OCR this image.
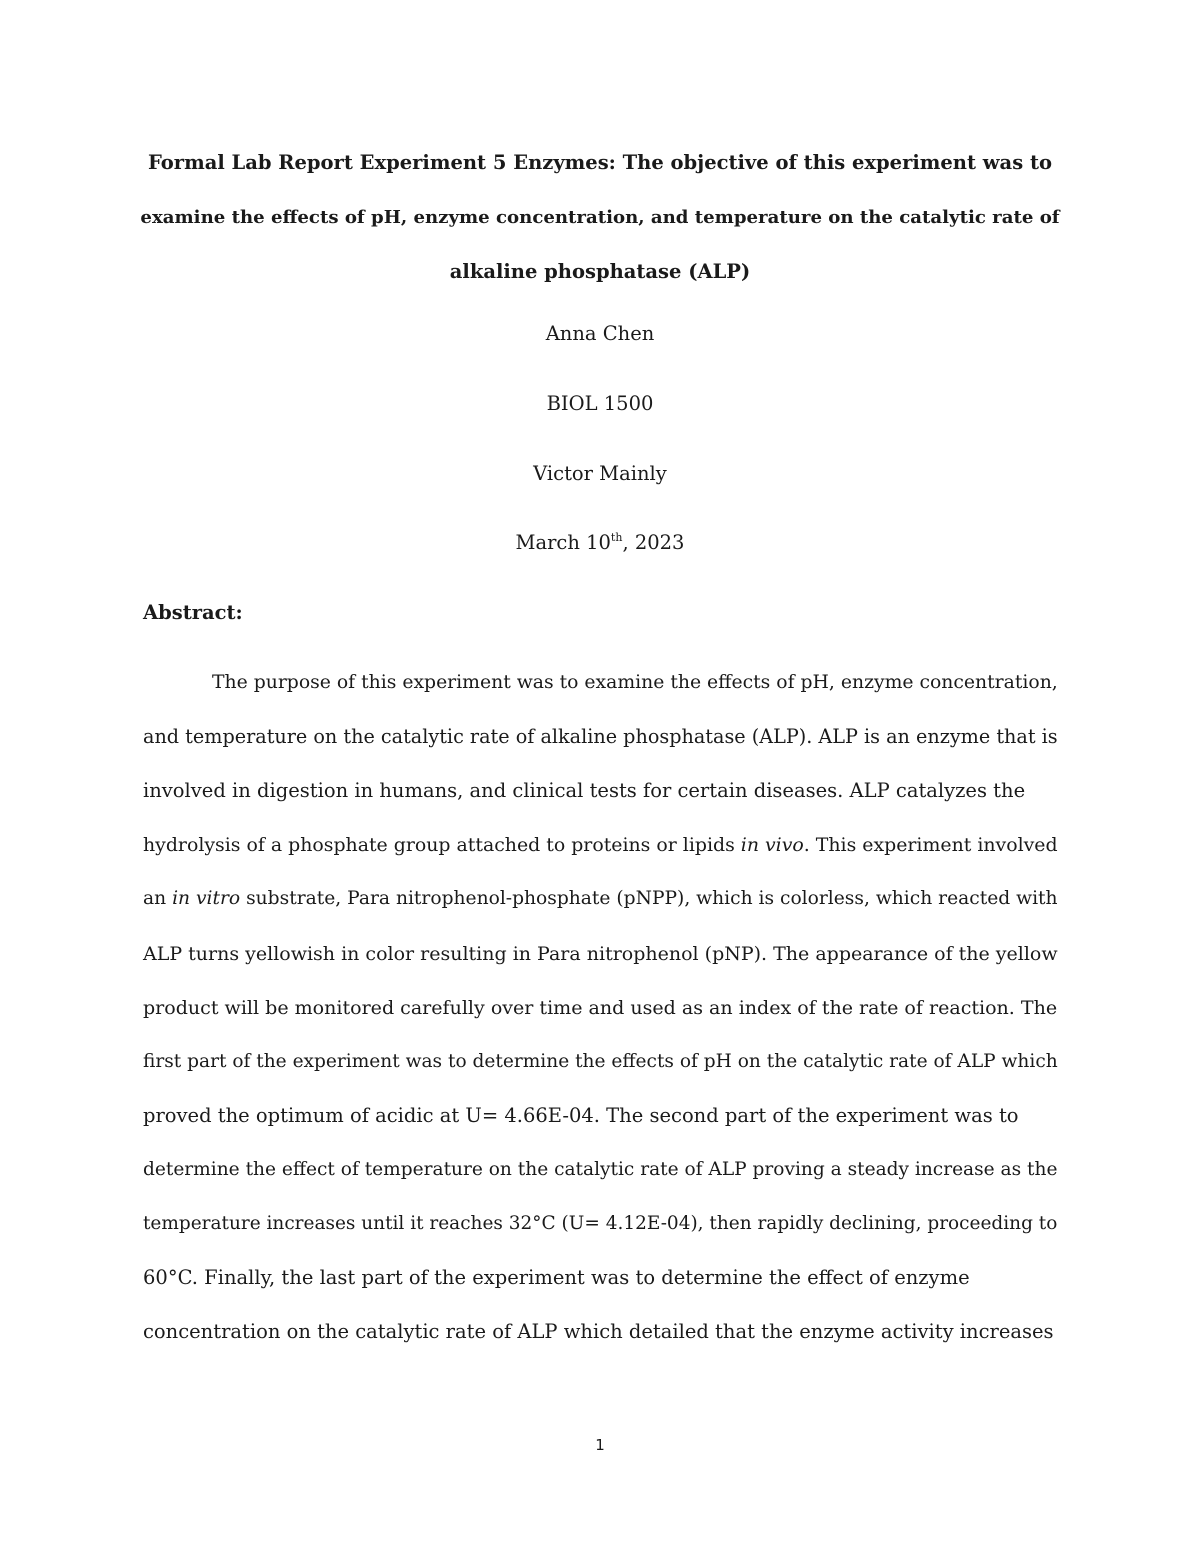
Formal Lab Report Experiment 5 Enzymes: The objective of this experiment was to
examine the effects of pH, enzyme concentration, and temperature on the catalytic rate of
alkaline phosphatase (ALP)
Anna Chen
BIOL 1500
Victor Mainly
March 10th, 2023
Abstract:
The purpose of this experiment was to examine the effects of pH, enzyme concentration,
and temperature on the catalytic rate of alkaline phosphatase (ALP). ALP is an enzyme that is
involved in digestion in humans, and clinical tests for certain diseases. ALP catalyzes the
hydrolysis of a phosphate group attached to proteins or lipids in vivo. This experiment involved
an in vitro substrate, Para nitrophenol-phosphate (pNPP), which is colorless, which reacted with
ALP turns yellowish in color resulting in Para nitrophenol (pNP). The appearance of the yellow
product will be monitored carefully over time and used as an index of the rate of reaction. The
first part of the experiment was to determine the effects of pH on the catalytic rate of ALP which
proved the optimum of acidic at U= 4.66E-04. The second part of the experiment was to
determine the effect of temperature on the catalytic rate of ALP proving a steady increase as the
temperature increases until it reaches 32°C (U= 4.12E-04), then rapidly declining, proceeding to
60°C. Finally, the last part of the experiment was to determine the effect of enzyme
concentration on the catalytic rate of ALP which detailed that the enzyme activity increases
1
